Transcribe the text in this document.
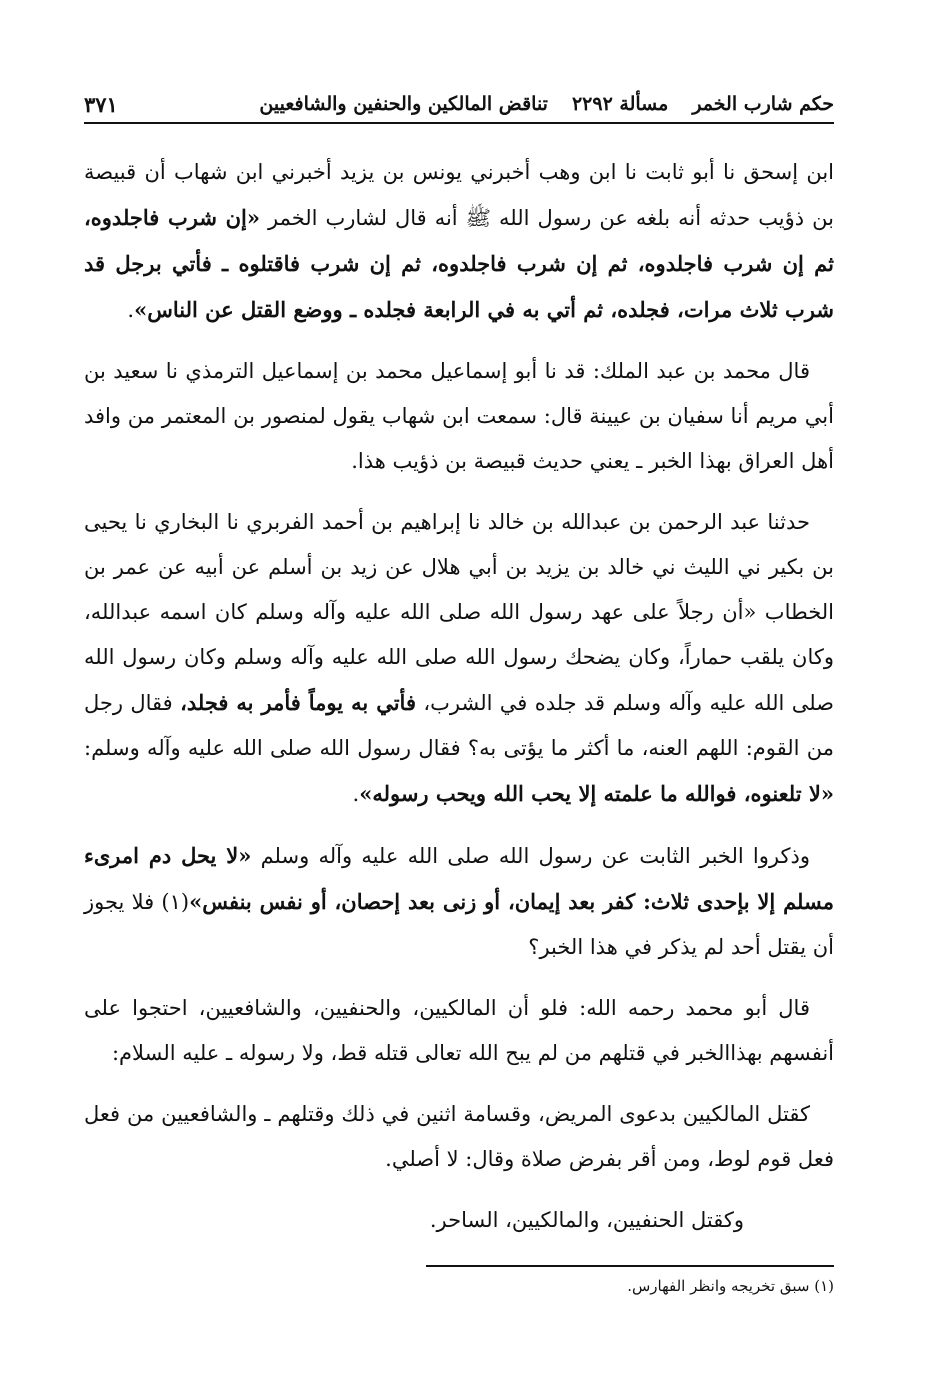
حكم شارب الخمر
مسألة ٢٢٩٢
تناقض المالكين والحنفين والشافعيين
٣٧١

ابن إسحق نا أبو ثابت نا ابن وهب أخبرني يونس بن يزيد أخبرني ابن شهاب أن قبيصة بن ذؤيب حدثه أنه بلغه عن رسول الله ﷺ أنه قال لشارب الخمر «إن شرب فاجلدوه، ثم إن شرب فاجلدوه، ثم إن شرب فاجلدوه، ثم إن شرب فاقتلوه ـ فأتي برجل قد شرب ثلاث مرات، فجلده، ثم أتي به في الرابعة فجلده ـ ووضع القتل عن الناس».

قال محمد بن عبد الملك: قد نا أبو إسماعيل محمد بن إسماعيل الترمذي نا سعيد بن أبي مريم أنا سفيان بن عيينة قال: سمعت ابن شهاب يقول لمنصور بن المعتمر من وافد أهل العراق بهذا الخبر ـ يعني حديث قبيصة بن ذؤيب هذا.

حدثنا عبد الرحمن بن عبدالله بن خالد نا إبراهيم بن أحمد الفربري نا البخاري نا يحيى بن بكير ني الليث ني خالد بن يزيد بن أبي هلال عن زيد بن أسلم عن أبيه عن عمر بن الخطاب «أن رجلاً على عهد رسول الله صلى الله عليه وآله وسلم كان اسمه عبدالله، وكان يلقب حماراً، وكان يضحك رسول الله صلى الله عليه وآله وسلم وكان رسول الله صلى الله عليه وآله وسلم قد جلده في الشرب، فأتي به يوماً فأمر به فجلد، فقال رجل من القوم: اللهم العنه، ما أكثر ما يؤتى به؟ فقال رسول الله صلى الله عليه وآله وسلم: «لا تلعنوه، فوالله ما علمته إلا يحب الله ويحب رسوله».

وذكروا الخبر الثابت عن رسول الله صلى الله عليه وآله وسلم «لا يحل دم امرىء مسلم إلا بإحدى ثلاث: كفر بعد إيمان، أو زنى بعد إحصان، أو نفس بنفس»(١) فلا يجوز أن يقتل أحد لم يذكر في هذا الخبر؟

قال أبو محمد رحمه الله: فلو أن المالكيين، والحنفيين، والشافعيين، احتجوا على أنفسهم بهذاالخبر في قتلهم من لم يبح الله تعالى قتله قط، ولا رسوله ـ عليه السلام:

كقتل المالكيين بدعوى المريض، وقسامة اثنين في ذلك وقتلهم ـ والشافعيين من فعل فعل قوم لوط، ومن أقر بفرض صلاة وقال: لا أصلي.

وكقتل الحنفيين، والمالكيين، الساحر.

(١) سبق تخريجه وانظر الفهارس.
